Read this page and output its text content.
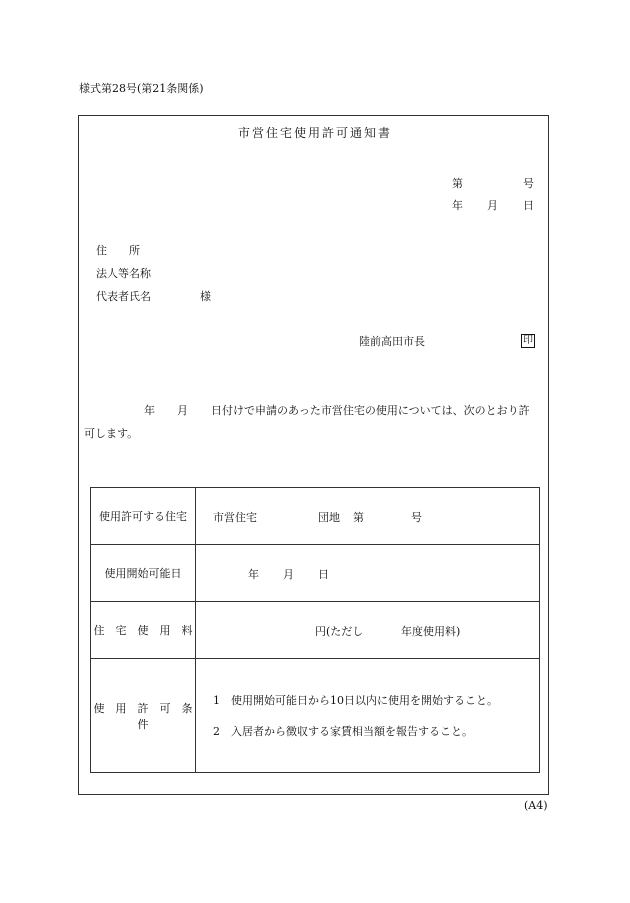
様式第28号(第21条関係)
市営住宅使用許可通知書
第	号
年 月 日
住　　所
法人等名称
代表者氏名	様
陸前高田市長	印
年 月 日付けで申請のあった市営住宅の使用については、次のとおり許
可します。
使用許可する住宅	市営住宅 団地 第 号

使用開始可能日	年 月 日

住　宅　使　用　料	円(ただし 年度使用料)

使　用　許　可　条　件	1　使用開始可能日から10日以内に使用を開始すること。
2　入居者から徴収する家賃相当額を報告すること。
(A4)
